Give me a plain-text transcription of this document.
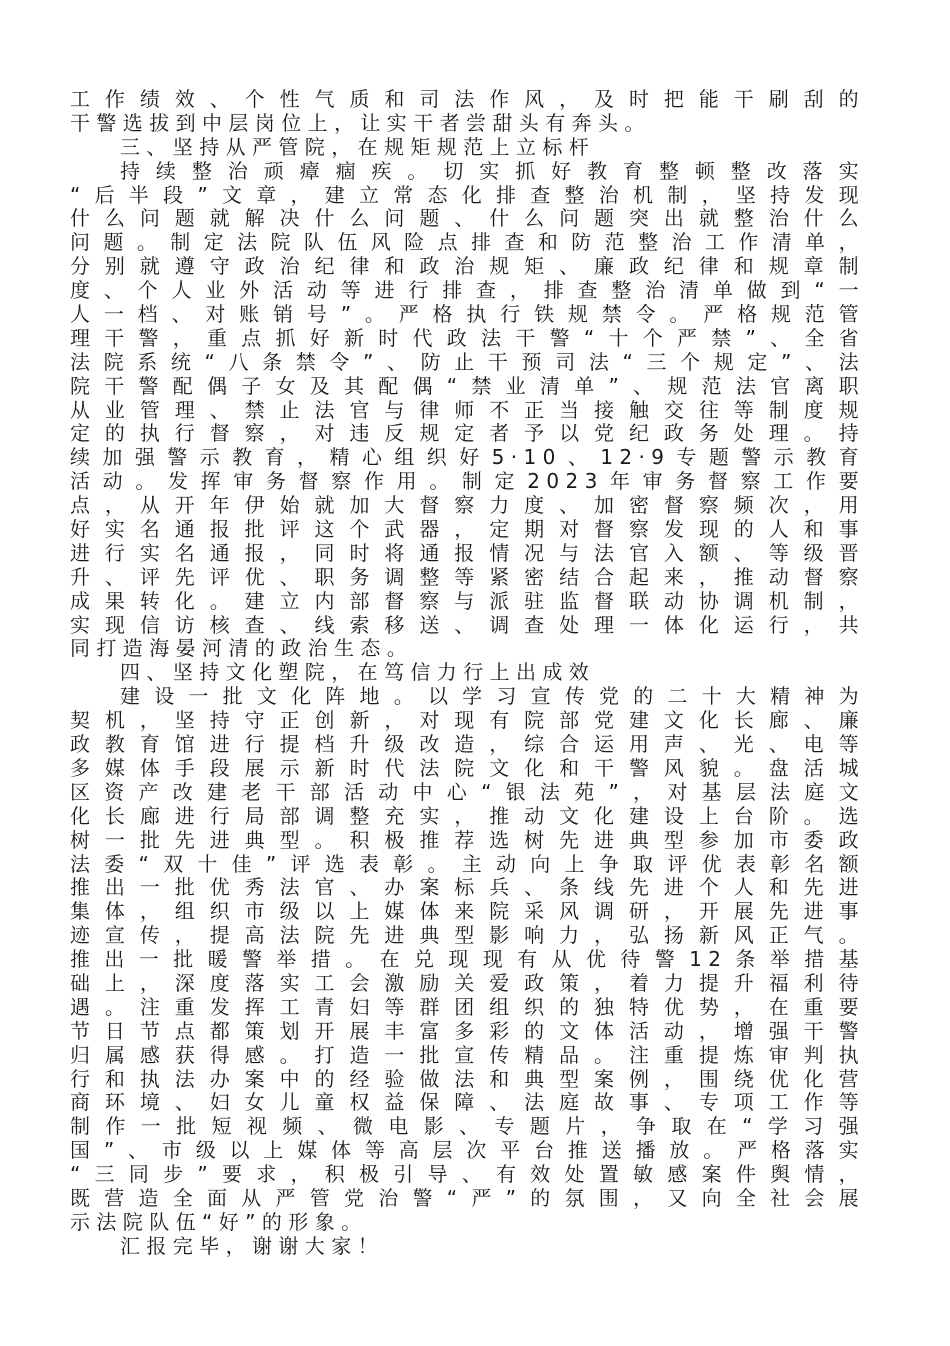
工作绩效、个性气质和司法作风，及时把能干刷刮的
干警选拔到中层岗位上，让实干者尝甜头有奔头。
三、坚持从严管院，在规矩规范上立标杆
持续整治顽瘴痼疾。切实抓好教育整顿整改落实
“后半段”文章，建立常态化排查整治机制，坚持发现
什么问题就解决什么问题、什么问题突出就整治什么
问题。制定法院队伍风险点排查和防范整治工作清单，
分别就遵守政治纪律和政治规矩、廉政纪律和规章制
度、个人业外活动等进行排查，排查整治清单做到“一
人一档、对账销号”。严格执行铁规禁令。严格规范管
理干警，重点抓好新时代政法干警“十个严禁”、全省
法院系统“八条禁令”、防止干预司法“三个规定”、法
院干警配偶子女及其配偶“禁业清单”、规范法官离职
从业管理、禁止法官与律师不正当接触交往等制度规
定的执行督察，对违反规定者予以党纪政务处理。持
续加强警示教育，精心组织好5·10、12·9专题警示教育
活动。发挥审务督察作用。制定2023年审务督察工作要
点，从开年伊始就加大督察力度、加密督察频次，用
好实名通报批评这个武器，定期对督察发现的人和事
进行实名通报，同时将通报情况与法官入额、等级晋
升、评先评优、职务调整等紧密结合起来，推动督察
成果转化。建立内部督察与派驻监督联动协调机制，
实现信访核查、线索移送、调查处理一体化运行，共
同打造海晏河清的政治生态。
四、坚持文化塑院，在笃信力行上出成效
建设一批文化阵地。以学习宣传党的二十大精神为
契机，坚持守正创新，对现有院部党建文化长廊、廉
政教育馆进行提档升级改造，综合运用声、光、电等
多媒体手段展示新时代法院文化和干警风貌。盘活城
区资产改建老干部活动中心“银法苑”，对基层法庭文
化长廊进行局部调整充实，推动文化建设上台阶。选
树一批先进典型。积极推荐选树先进典型参加市委政
法委“双十佳”评选表彰。主动向上争取评优表彰名额
推出一批优秀法官、办案标兵、条线先进个人和先进
集体，组织市级以上媒体来院采风调研，开展先进事
迹宣传，提高法院先进典型影响力，弘扬新风正气。
推出一批暖警举措。在兑现现有从优待警12条举措基
础上，深度落实工会激励关爱政策，着力提升福利待
遇。注重发挥工青妇等群团组织的独特优势，在重要
节日节点都策划开展丰富多彩的文体活动，增强干警
归属感获得感。打造一批宣传精品。注重提炼审判执
行和执法办案中的经验做法和典型案例，围绕优化营
商环境、妇女儿童权益保障、法庭故事、专项工作等
制作一批短视频、微电影、专题片，争取在“学习强
国”、市级以上媒体等高层次平台推送播放。严格落实
“三同步”要求，积极引导、有效处置敏感案件舆情，
既营造全面从严管党治警“严”的氛围，又向全社会展
示法院队伍“好”的形象。
汇报完毕，谢谢大家！
